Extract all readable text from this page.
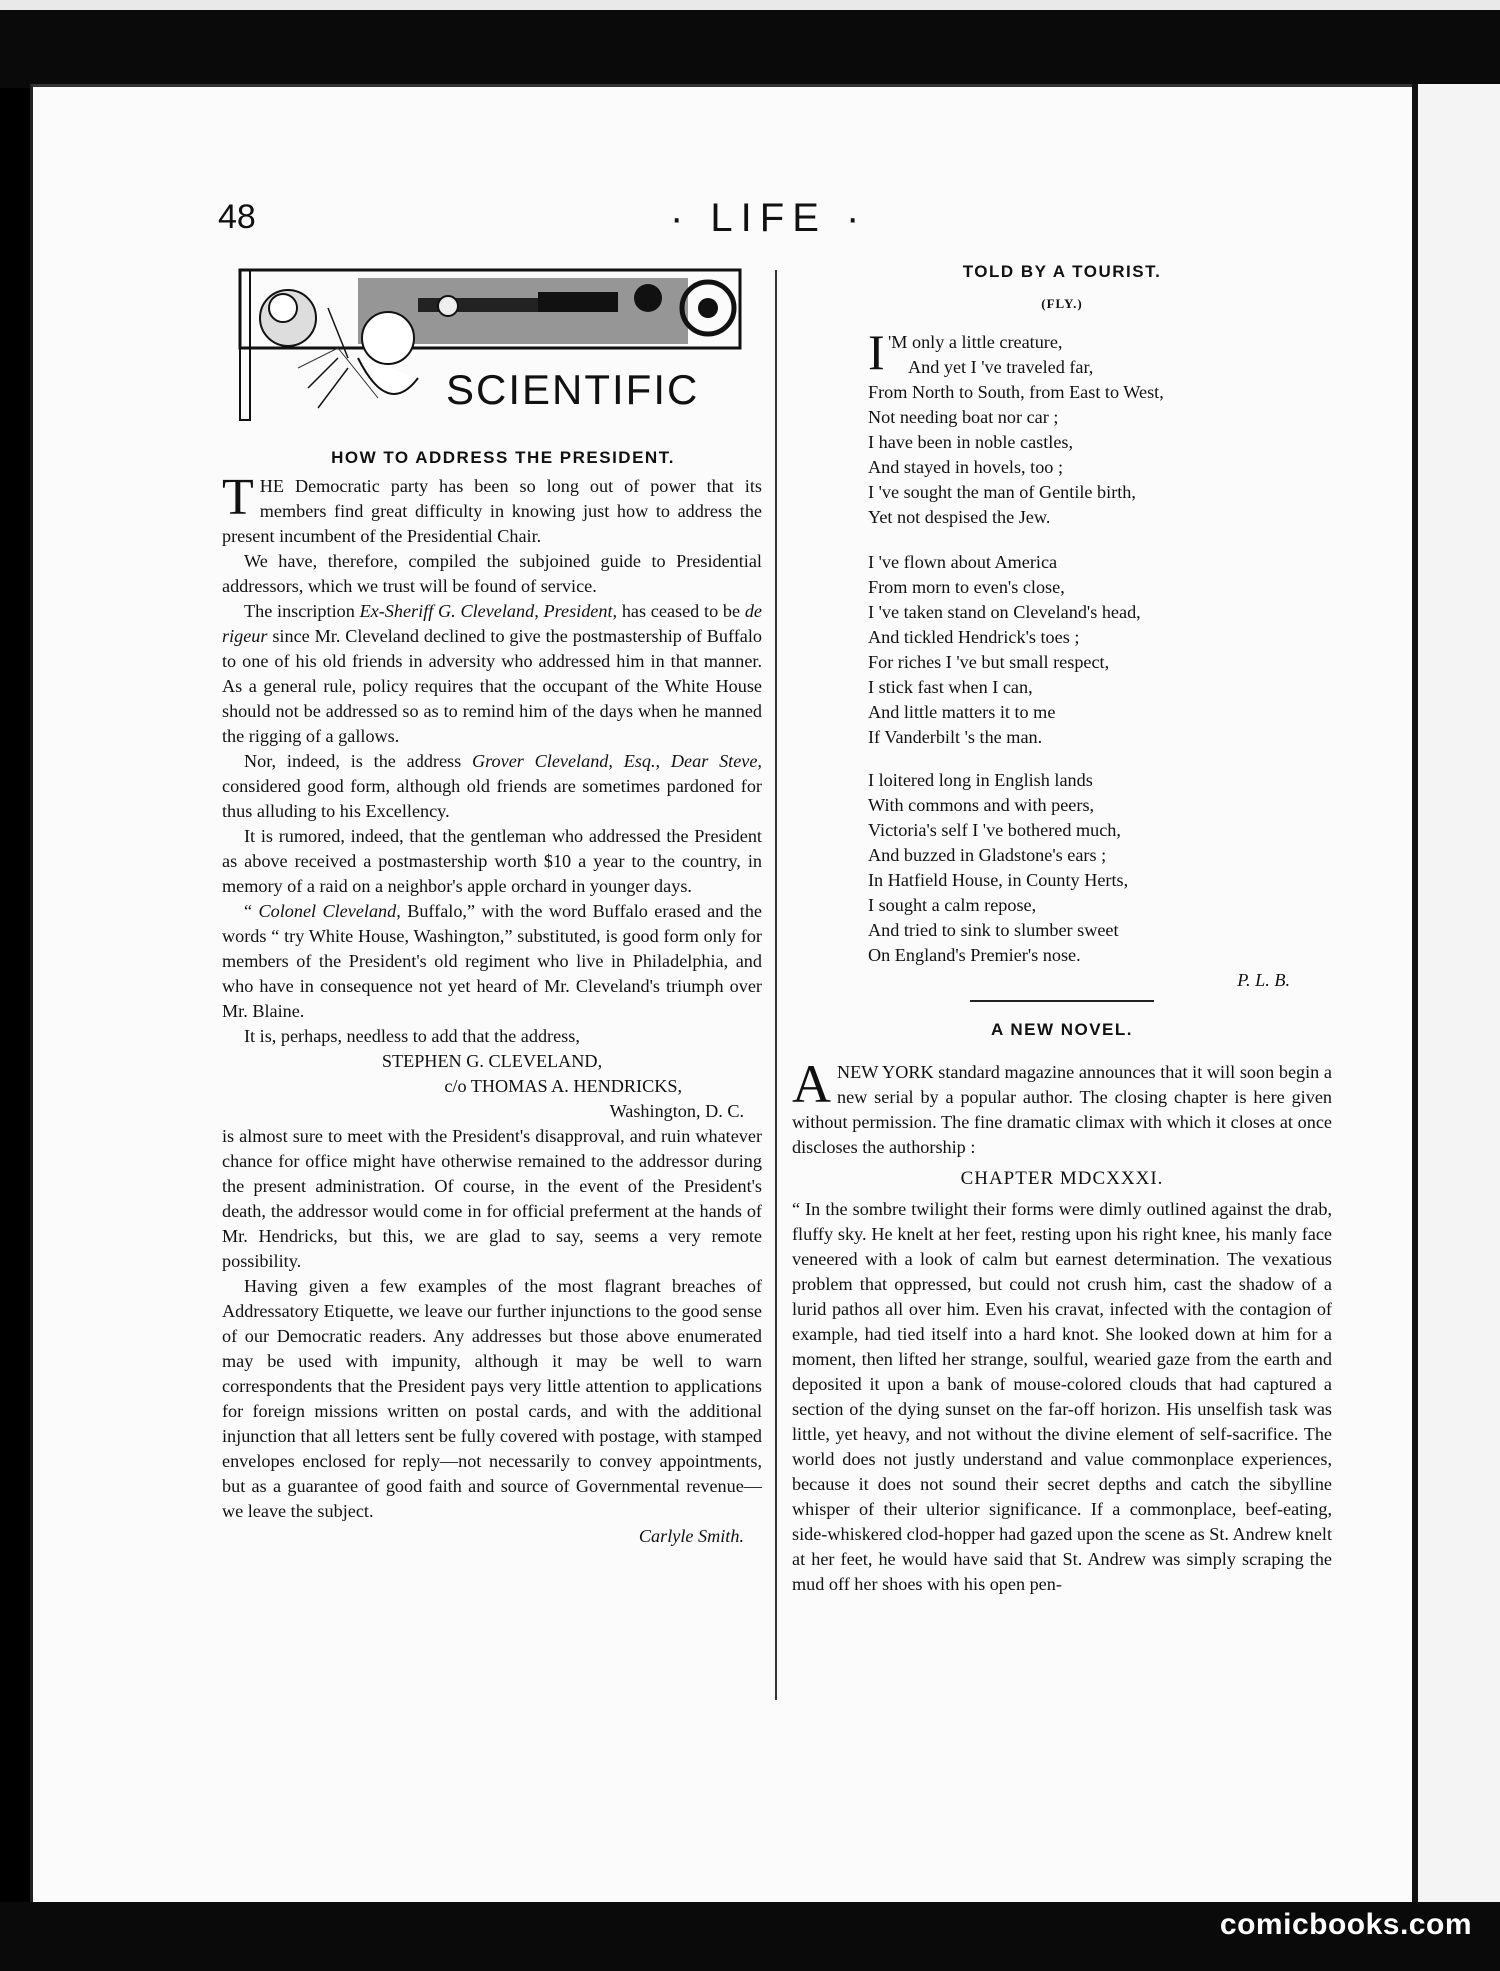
comicbooks.com
48	· LIFE ·
SCIENTIFIC

HOW TO ADDRESS THE PRESIDENT.

THE Democratic party has been so long out of power that its members find great difficulty in knowing just how to address the present incumbent of the Presidential Chair.

We have, therefore, compiled the subjoined guide to Presidential addressors, which we trust will be found of service.

The inscription Ex-Sheriff G. Cleveland, President, has ceased to be de rigeur since Mr. Cleveland declined to give the postmastership of Buffalo to one of his old friends in adversity who addressed him in that manner. As a general rule, policy requires that the occupant of the White House should not be addressed so as to remind him of the days when he manned the rigging of a gallows.

Nor, indeed, is the address Grover Cleveland, Esq., Dear Steve, considered good form, although old friends are sometimes pardoned for thus alluding to his Excellency.

It is rumored, indeed, that the gentleman who addressed the President as above received a postmastership worth $10 a year to the country, in memory of a raid on a neighbor's apple orchard in younger days.

“ Colonel Cleveland, Buffalo,” with the word Buffalo erased and the words “ try White House, Washington,” substituted, is good form only for members of the President's old regiment who live in Philadelphia, and who have in consequence not yet heard of Mr. Cleveland's triumph over Mr. Blaine.

It is, perhaps, needless to add that the address,

STEPHEN G. CLEVELAND,
c/o THOMAS A. HENDRICKS,
Washington, D. C.

is almost sure to meet with the President's disapproval, and ruin whatever chance for office might have otherwise remained to the addressor during the present administration. Of course, in the event of the President's death, the addressor would come in for official preferment at the hands of Mr. Hendricks, but this, we are glad to say, seems a very remote possibility.

Having given a few examples of the most flagrant breaches of Addressatory Etiquette, we leave our further injunctions to the good sense of our Democratic readers. Any addresses but those above enumerated may be used with impunity, although it may be well to warn correspondents that the President pays very little attention to applications for foreign missions written on postal cards, and with the additional injunction that all letters sent be fully covered with postage, with stamped envelopes enclosed for reply—not necessarily to convey appointments, but as a guarantee of good faith and source of Governmental revenue—we leave the subject.

Carlyle Smith.
TOLD BY A TOURIST.
(FLY.)
I 'M only a little creature,
And yet I 've traveled far,
From North to South, from East to West,
Not needing boat nor car ;
I have been in noble castles,
And stayed in hovels, too ;
I 've sought the man of Gentile birth,
Yet not despised the Jew.
I 've flown about America
From morn to even's close,
I 've taken stand on Cleveland's head,
And tickled Hendrick's toes ;
For riches I 've but small respect,
I stick fast when I can,
And little matters it to me
If Vanderbilt 's the man.
I loitered long in English lands
With commons and with peers,
Victoria's self I 've bothered much,
And buzzed in Gladstone's ears ;
In Hatfield House, in County Herts,
I sought a calm repose,
And tried to sink to slumber sweet
On England's Premier's nose.
P. L. B.
A NEW NOVEL.

ANEW YORK standard magazine announces that it will soon begin a new serial by a popular author. The closing chapter is here given without permission. The fine dramatic climax with which it closes at once discloses the authorship :

CHAPTER MDCXXXI.

“ In the sombre twilight their forms were dimly outlined against the drab, fluffy sky. He knelt at her feet, resting upon his right knee, his manly face veneered with a look of calm but earnest determination. The vexatious problem that oppressed, but could not crush him, cast the shadow of a lurid pathos all over him. Even his cravat, infected with the contagion of example, had tied itself into a hard knot. She looked down at him for a moment, then lifted her strange, soulful, wearied gaze from the earth and deposited it upon a bank of mouse-colored clouds that had captured a section of the dying sunset on the far-off horizon. His unselfish task was little, yet heavy, and not without the divine element of self-sacrifice. The world does not justly understand and value commonplace experiences, because it does not sound their secret depths and catch the sibylline whisper of their ulterior significance. If a commonplace, beef-eating, side-whiskered clod-hopper had gazed upon the scene as St. Andrew knelt at her feet, he would have said that St. Andrew was simply scraping the mud off her shoes with his open pen-
